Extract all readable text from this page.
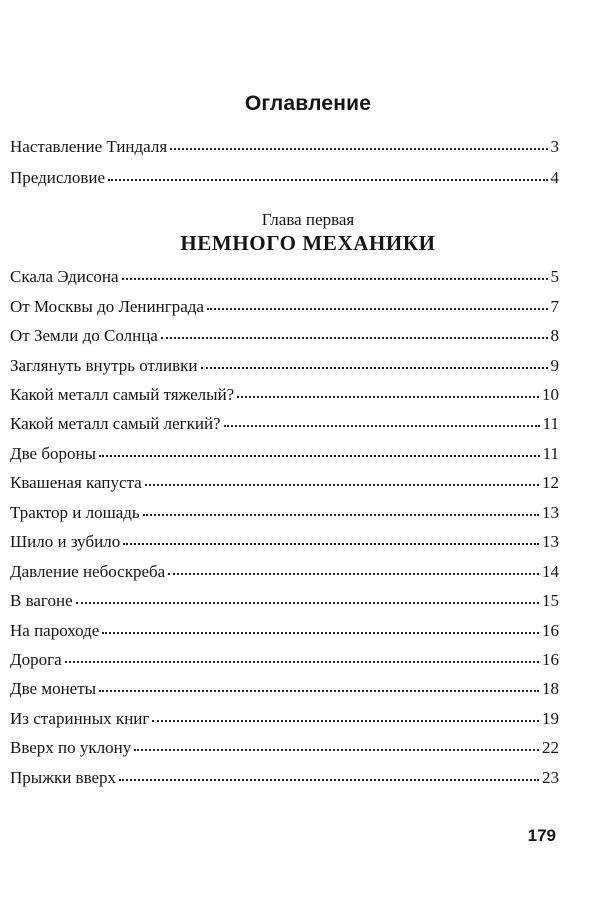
Оглавление
Наставление Тиндаля	3
Предисловие	4
Глава первая
НЕМНОГО МЕХАНИКИ
Скала Эдисона	5
От Москвы до Ленинграда	7
От Земли до Солнца	8
Заглянуть внутрь отливки	9
Какой металл самый тяжелый?	10
Какой металл самый легкий?	11
Две бороны	11
Квашеная капуста	12
Трактор и лошадь	13
Шило и зубило	13
Давление небоскреба	14
В вагоне	15
На пароходе	16
Дорога	16
Две монеты	18
Из старинных книг	19
Вверх по уклону	22
Прыжки вверх	23
179
